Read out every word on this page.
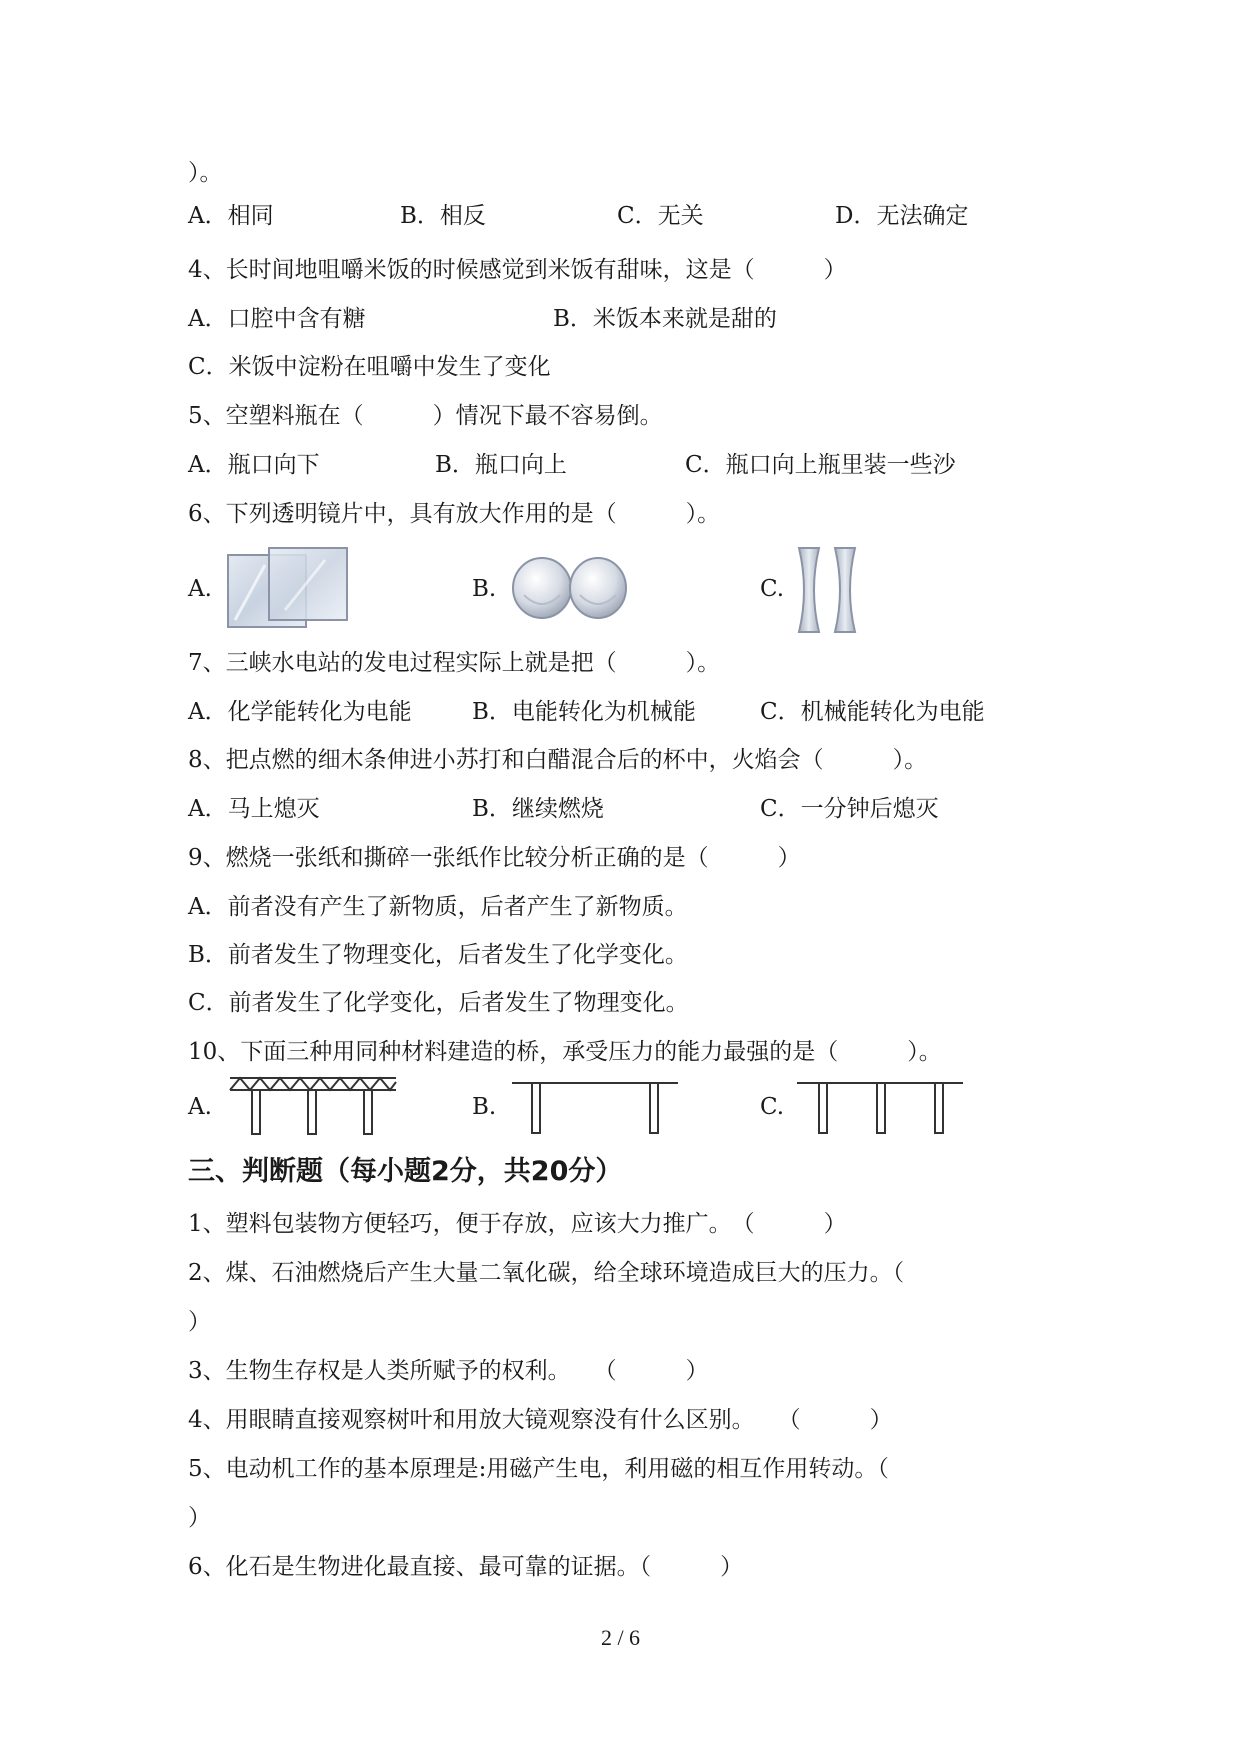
）。
A．相同	B．相反	C．无关	D．无法确定
4、长时间地咀嚼米饭的时候感觉到米饭有甜味，这是（　　　）
A．口腔中含有糖	B．米饭本来就是甜的
C．米饭中淀粉在咀嚼中发生了变化
5、空塑料瓶在（　　　）情况下最不容易倒。
A．瓶口向下	B．瓶口向上	C．瓶口向上瓶里装一些沙
6、下列透明镜片中，具有放大作用的是（　　　）。
A.	B.	C.
7、三峡水电站的发电过程实际上就是把（　　　）。
A．化学能转化为电能	B．电能转化为机械能	C．机械能转化为电能
8、把点燃的细木条伸进小苏打和白醋混合后的杯中，火焰会（　　　）。
A．马上熄灭	B．继续燃烧	C．一分钟后熄灭
9、燃烧一张纸和撕碎一张纸作比较分析正确的是（　　　）
A．前者没有产生了新物质，后者产生了新物质。
B．前者发生了物理变化，后者发生了化学变化。
C．前者发生了化学变化，后者发生了物理变化。
10、下面三种用同种材料建造的桥，承受压力的能力最强的是（　　　）。
A.	B.	C.
三、判断题（每小题2分，共20分）
1、塑料包装物方便轻巧，便于存放，应该大力推广。　（　　　）
2、煤、石油燃烧后产生大量二氧化碳，给全球环境造成巨大的压力。（
）
3、生物生存权是人类所赋予的权利。　　（　　　）
4、用眼睛直接观察树叶和用放大镜观察没有什么区别。　　（　　　）
5、电动机工作的基本原理是:用磁产生电，利用磁的相互作用转动。（
）
6、化石是生物进化最直接、最可靠的证据。（　　　）
2 / 6
